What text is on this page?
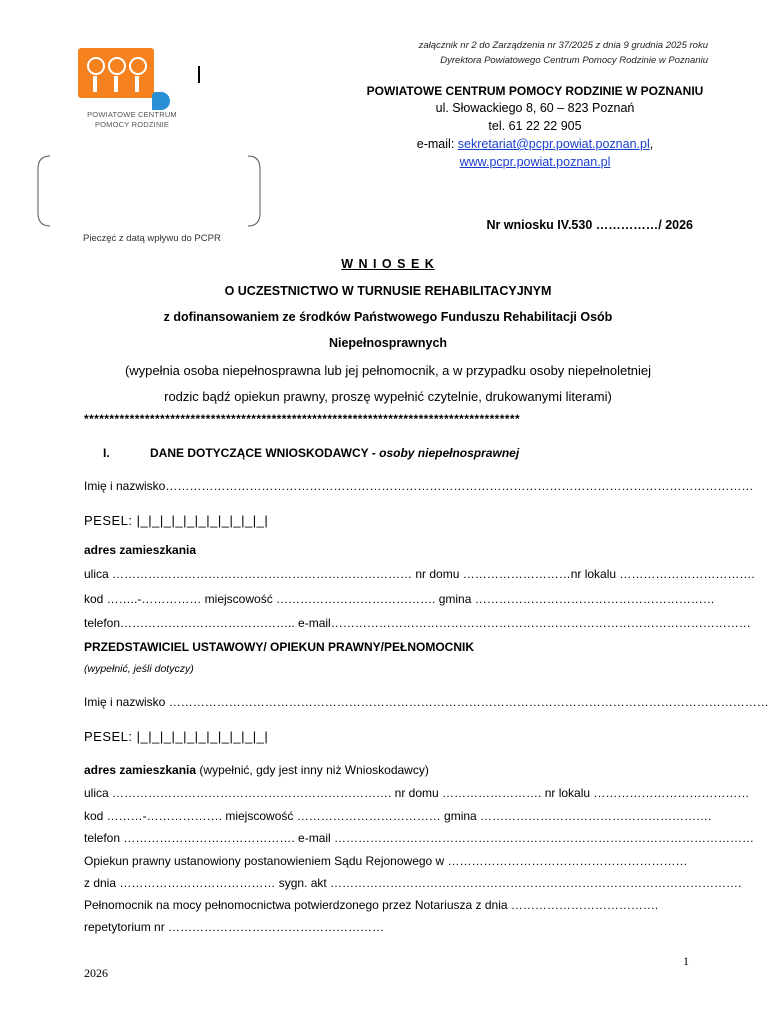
POWIATOWE CENTRUM
POMOCY RODZINIE
załącznik nr 2 do Zarządzenia nr 37/2025 z dnia 9 grudnia 2025 roku
Dyrektora Powiatowego Centrum Pomocy Rodzinie w Poznaniu
POWIATOWE CENTRUM POMOCY RODZINIE W POZNANIU
ul. Słowackiego 8, 60 – 823 Poznań
tel. 61 22 22 905
e-mail: sekretariat@pcpr.powiat.poznan.pl,
www.pcpr.powiat.poznan.pl
Pieczęć z datą wpływu do PCPR
Nr wniosku IV.530 ……………/ 2026
W N I O S E K
O UCZESTNICTWO W TURNUSIE REHABILITACYJNYM
z dofinansowaniem ze środków Państwowego Funduszu Rehabilitacji Osób
Niepełnosprawnych
(wypełnia osoba niepełnosprawna lub jej pełnomocnik, a w przypadku osoby niepełnoletniej
rodzic bądź opiekun prawny, proszę wypełnić czytelnie, drukowanymi literami)
**************************************************************************************
I.	DANE DOTYCZĄCE WNIOSKODAWCY - osoby niepełnosprawnej
Imię i nazwisko…………………………………………………………………………………………………………………………………
PESEL: |_|_|_|_|_|_|_|_|_|_|_|
adres zamieszkania
ulica ………………………………………………………………… nr domu ………………………nr lokalu …………………………….
kod ……..-…………… miejscowość …………………………………. gmina ……………………………………………………
telefon…………………………………….. e-mail……………………………………………………………………………………………
PRZEDSTAWICIEL USTAWOWY/ OPIEKUN PRAWNY/PEŁNOMOCNIK
(wypełnić, jeśli dotyczy)
Imię i nazwisko ……………………………………………………………………………………………………………………………………
PESEL: |_|_|_|_|_|_|_|_|_|_|_|
adres zamieszkania (wypełnić, gdy jest inny niż Wnioskodawcy)
ulica ……………………………………………………………. nr domu ……………………. nr lokalu …………………………………
kod ………-………………. miejscowość ……………………………… gmina ………………………………………………….
telefon ……………………………………. e-mail ……………………………………………………………………………………………
Opiekun prawny ustanowiony postanowieniem Sądu Rejonowego w ……………………………………………………
z dnia ………………………………… sygn. akt ………………………………………………………………………………………….
Pełnomocnik na mocy pełnomocnictwa potwierdzonego przez Notariusza z dnia ……………………………….
repetytorium nr ………………………………………………
1
2026
